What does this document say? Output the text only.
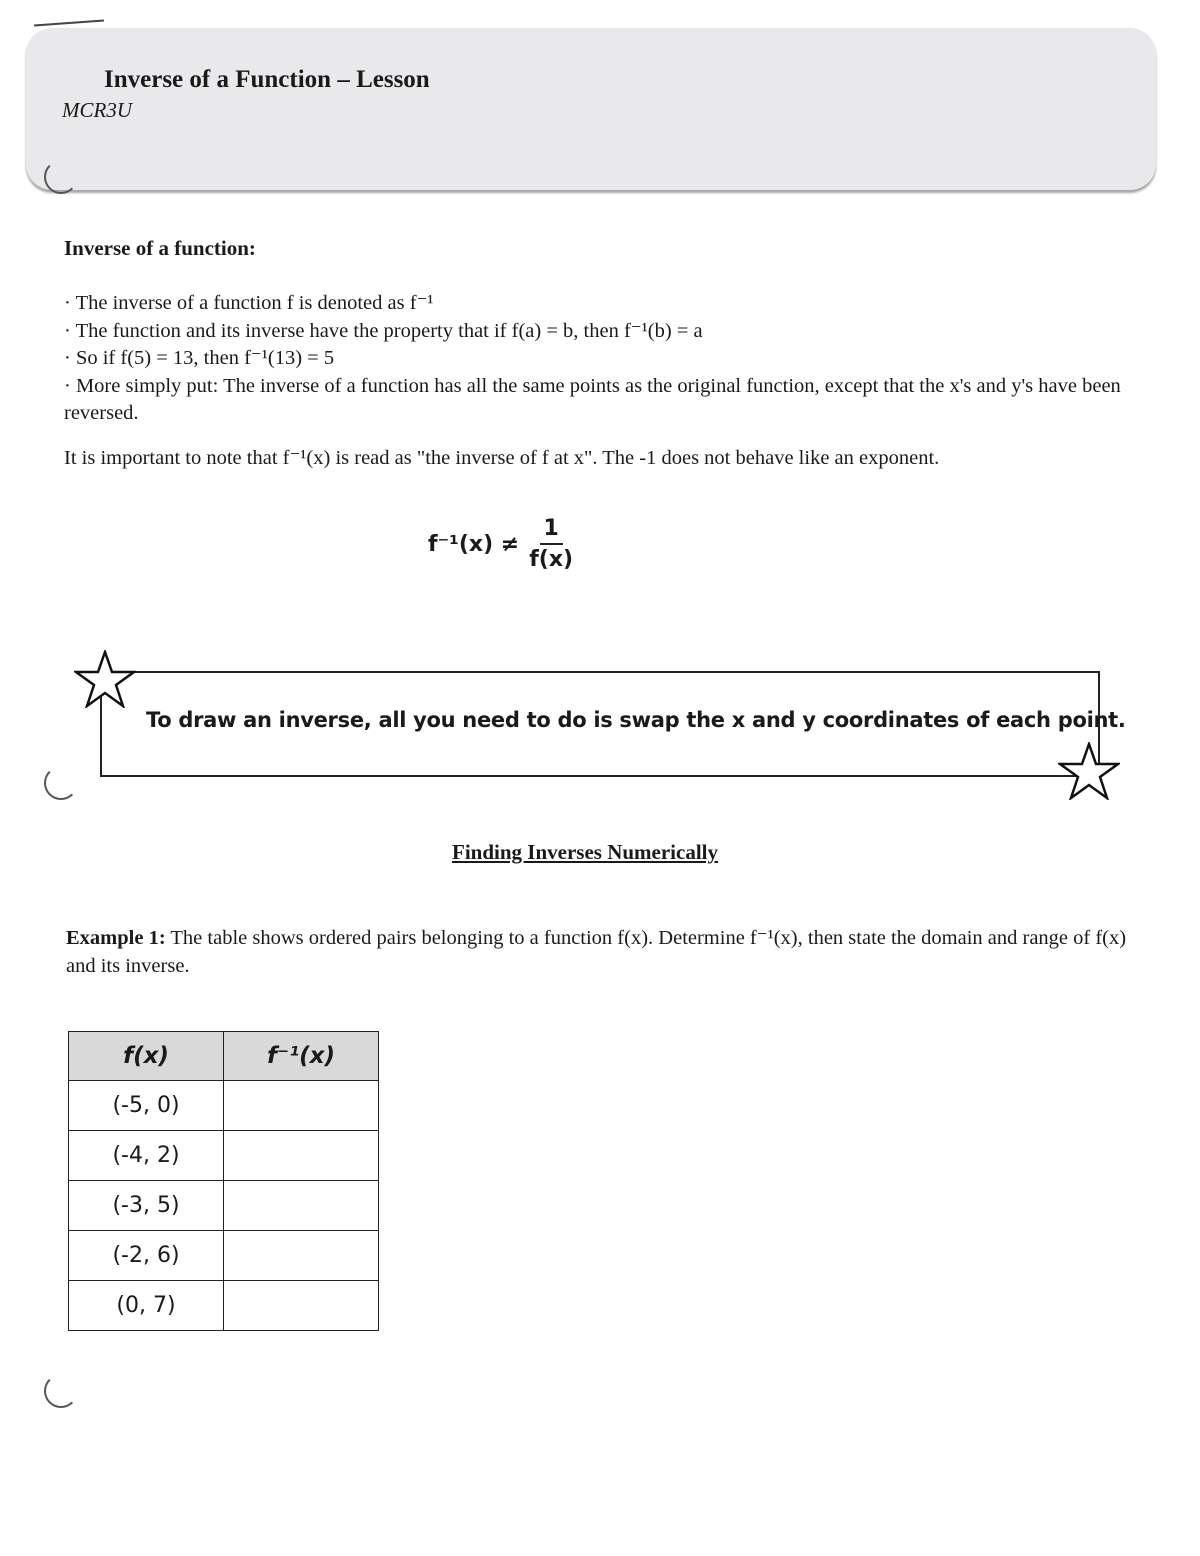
Inverse of a Function – Lesson
MCR3U
Inverse of a function:
· The inverse of a function f is denoted as f⁻¹
· The function and its inverse have the property that if f(a) = b, then f⁻¹(b) = a
· So if f(5) = 13, then f⁻¹(13) = 5
· More simply put: The inverse of a function has all the same points as the original function, except that the x's and y's have been reversed.
It is important to note that f⁻¹(x) is read as "the inverse of f at x". The -1 does not behave like an exponent.
$f^{-1}(x) \ne \frac{1}{f(x)}$
To draw an inverse, all you need to do is swap the x and y coordinates of each point.
Finding Inverses Numerically
Example 1: The table shows ordered pairs belonging to a function f(x). Determine f⁻¹(x), then state the domain and range of f(x) and its inverse.
f(x)	f⁻¹(x)
(-5, 0)	
(-4, 2)	
(-3, 5)	
(-2, 6)	
(0, 7)	
